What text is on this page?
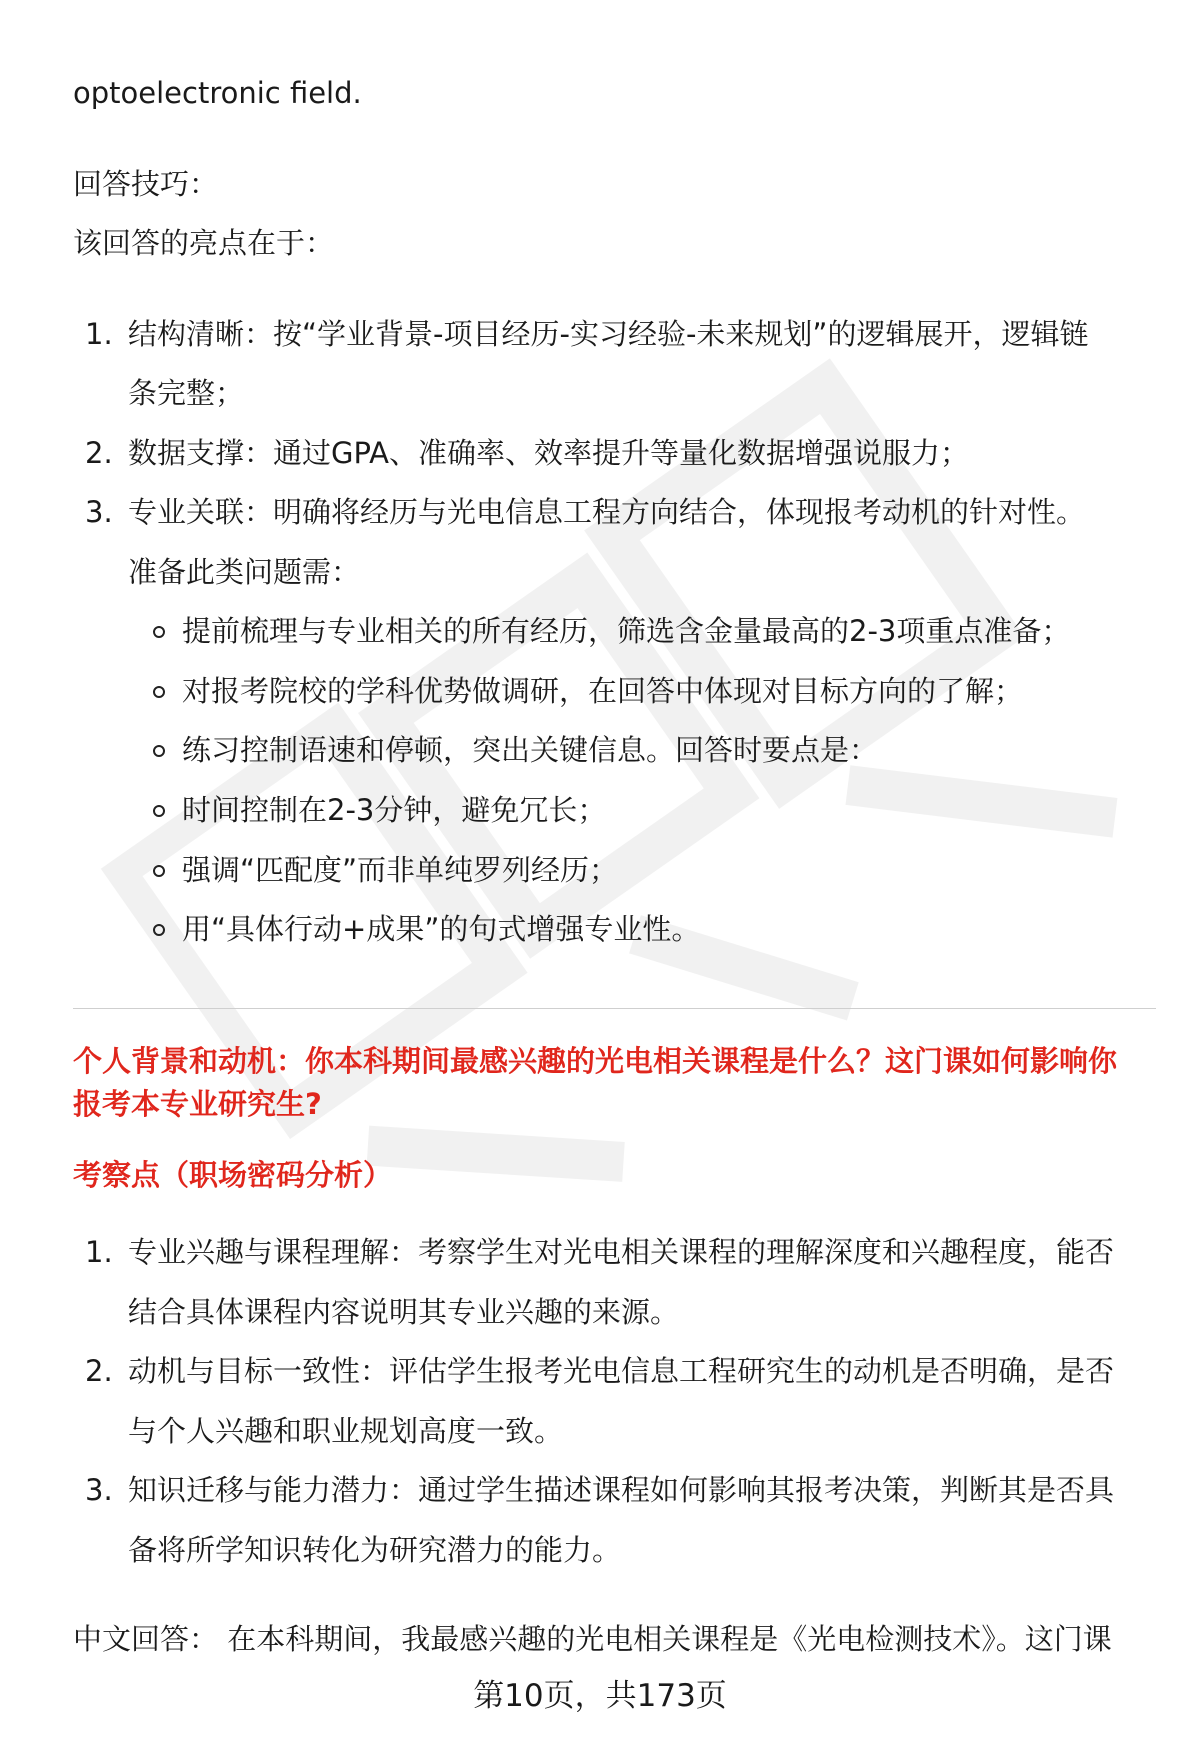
optoelectronic field.
回答技巧：
该回答的亮点在于：
1. 结构清晰：按“学业背景-项目经历-实习经验-未来规划”的逻辑展开，逻辑链
条完整；
2. 数据支撑：通过GPA、准确率、效率提升等量化数据增强说服力；
3. 专业关联：明确将经历与光电信息工程方向结合，体现报考动机的针对性。
准备此类问题需：
提前梳理与专业相关的所有经历，筛选含金量最高的2-3项重点准备；
对报考院校的学科优势做调研，在回答中体现对目标方向的了解；
练习控制语速和停顿，突出关键信息。回答时要点是：
时间控制在2-3分钟，避免冗长；
强调“匹配度”而非单纯罗列经历；
用“具体行动+成果”的句式增强专业性。
个人背景和动机：你本科期间最感兴趣的光电相关课程是什么？这门课如何影响你
报考本专业研究生?
考察点（职场密码分析）
1. 专业兴趣与课程理解：考察学生对光电相关课程的理解深度和兴趣程度，能否
结合具体课程内容说明其专业兴趣的来源。
2. 动机与目标一致性：评估学生报考光电信息工程研究生的动机是否明确，是否
与个人兴趣和职业规划高度一致。
3. 知识迁移与能力潜力：通过学生描述课程如何影响其报考决策，判断其是否具
备将所学知识转化为研究潜力的能力。
中文回答： 在本科期间，我最感兴趣的光电相关课程是《光电检测技术》。这门课
第10页，共173页
